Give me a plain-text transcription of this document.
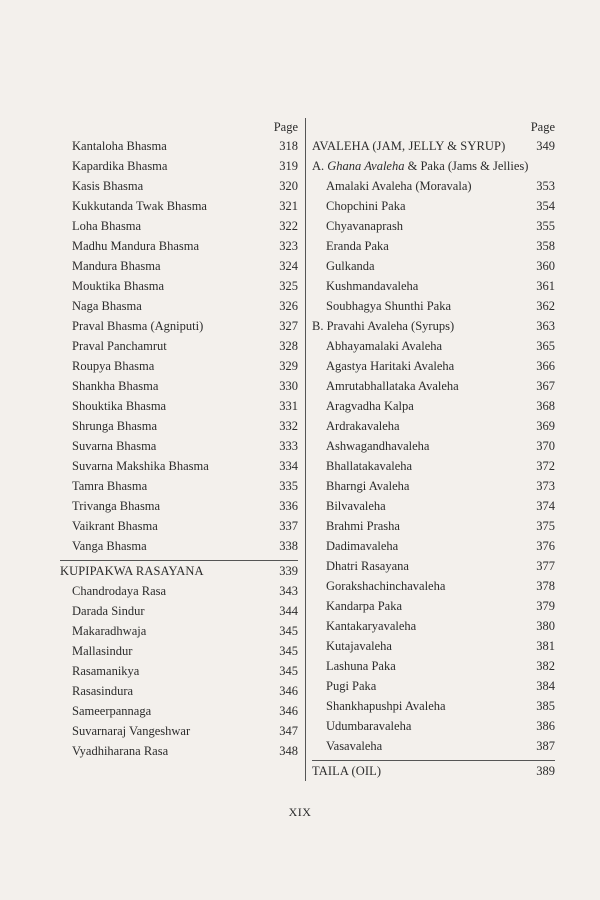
Page
Kantaloha Bhasma	318
Kapardika Bhasma	319
Kasis Bhasma	320
Kukkutanda Twak Bhasma	321
Loha Bhasma	322
Madhu Mandura Bhasma	323
Mandura Bhasma	324
Mouktika Bhasma	325
Naga Bhasma	326
Praval Bhasma (Agniputi)	327
Praval Panchamrut	328
Roupya Bhasma	329
Shankha Bhasma	330
Shouktika Bhasma	331
Shrunga Bhasma	332
Suvarna Bhasma	333
Suvarna Makshika Bhasma	334
Tamra Bhasma	335
Trivanga Bhasma	336
Vaikrant Bhasma	337
Vanga Bhasma	338
KUPIPAKWA RASAYANA	339
Chandrodaya Rasa	343
Darada Sindur	344
Makaradhwaja	345
Mallasindur	345
Rasamanikya	345
Rasasindura	346
Sameerpannaga	346
Suvarnaraj Vangeshwar	347
Vyadhiharana Rasa	348
Page
AVALEHA (JAM, JELLY & SYRUP)	349
A. Ghana Avaleha & Paka (Jams & Jellies)
Amalaki Avaleha (Moravala)	353
Chopchini Paka	354
Chyavanaprash	355
Eranda Paka	358
Gulkanda	360
Kushmandavaleha	361
Soubhagya Shunthi Paka	362
B. Pravahi Avaleha (Syrups)	363
Abhayamalaki Avaleha	365
Agastya Haritaki Avaleha	366
Amrutabhallataka Avaleha	367
Aragvadha Kalpa	368
Ardrakavaleha	369
Ashwagandhavaleha	370
Bhallatakavaleha	372
Bharngi Avaleha	373
Bilvavaleha	374
Brahmi Prasha	375
Dadimavaleha	376
Dhatri Rasayana	377
Gorakshachinchavaleha	378
Kandarpa Paka	379
Kantakaryavaleha	380
Kutajavaleha	381
Lashuna Paka	382
Pugi Paka	384
Shankhapushpi Avaleha	385
Udumbaravaleha	386
Vasavaleha	387
TAILA (OIL)	389
XIX
